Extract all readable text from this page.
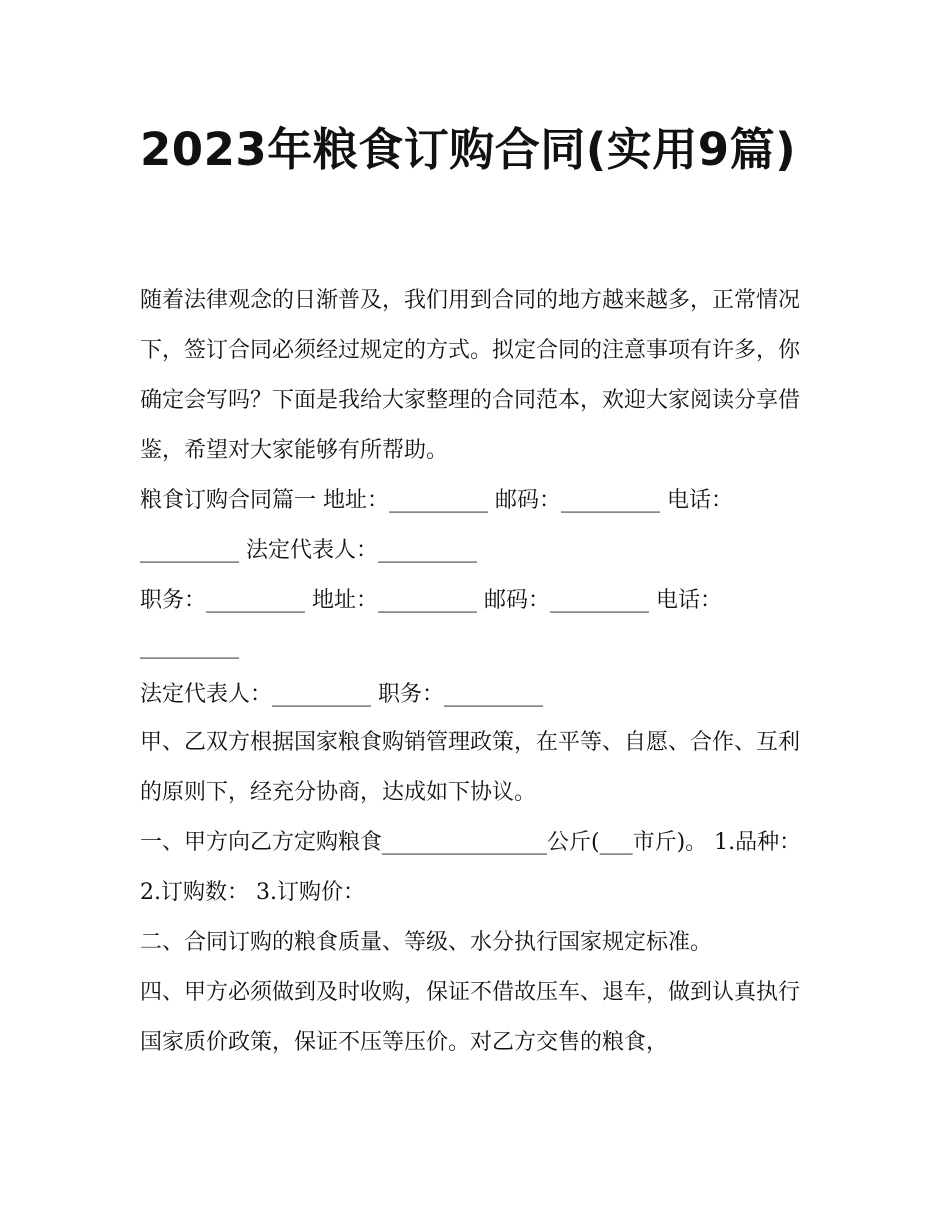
2023年粮食订购合同(实用9篇)

随着法律观念的日渐普及，我们用到合同的地方越来越多，正常情况下，签订合同必须经过规定的方式。拟定合同的注意事项有许多，你确定会写吗？下面是我给大家整理的合同范本，欢迎大家阅读分享借鉴，希望对大家能够有所帮助。

粮食订购合同篇一 地址：_________ 邮码：_________ 电话：_________ 法定代表人：_________

职务：_________ 地址：_________ 邮码：_________ 电话：_________

法定代表人：_________ 职务：_________

甲、乙双方根据国家粮食购销管理政策，在平等、自愿、合作、互利的原则下，经充分协商，达成如下协议。

一、甲方向乙方定购粮食_______________公斤(___市斤)。 1.品种： 2.订购数： 3.订购价：

二、合同订购的粮食质量、等级、水分执行国家规定标准。

四、甲方必须做到及时收购，保证不借故压车、退车，做到认真执行国家质价政策，保证不压等压价。对乙方交售的粮食，
